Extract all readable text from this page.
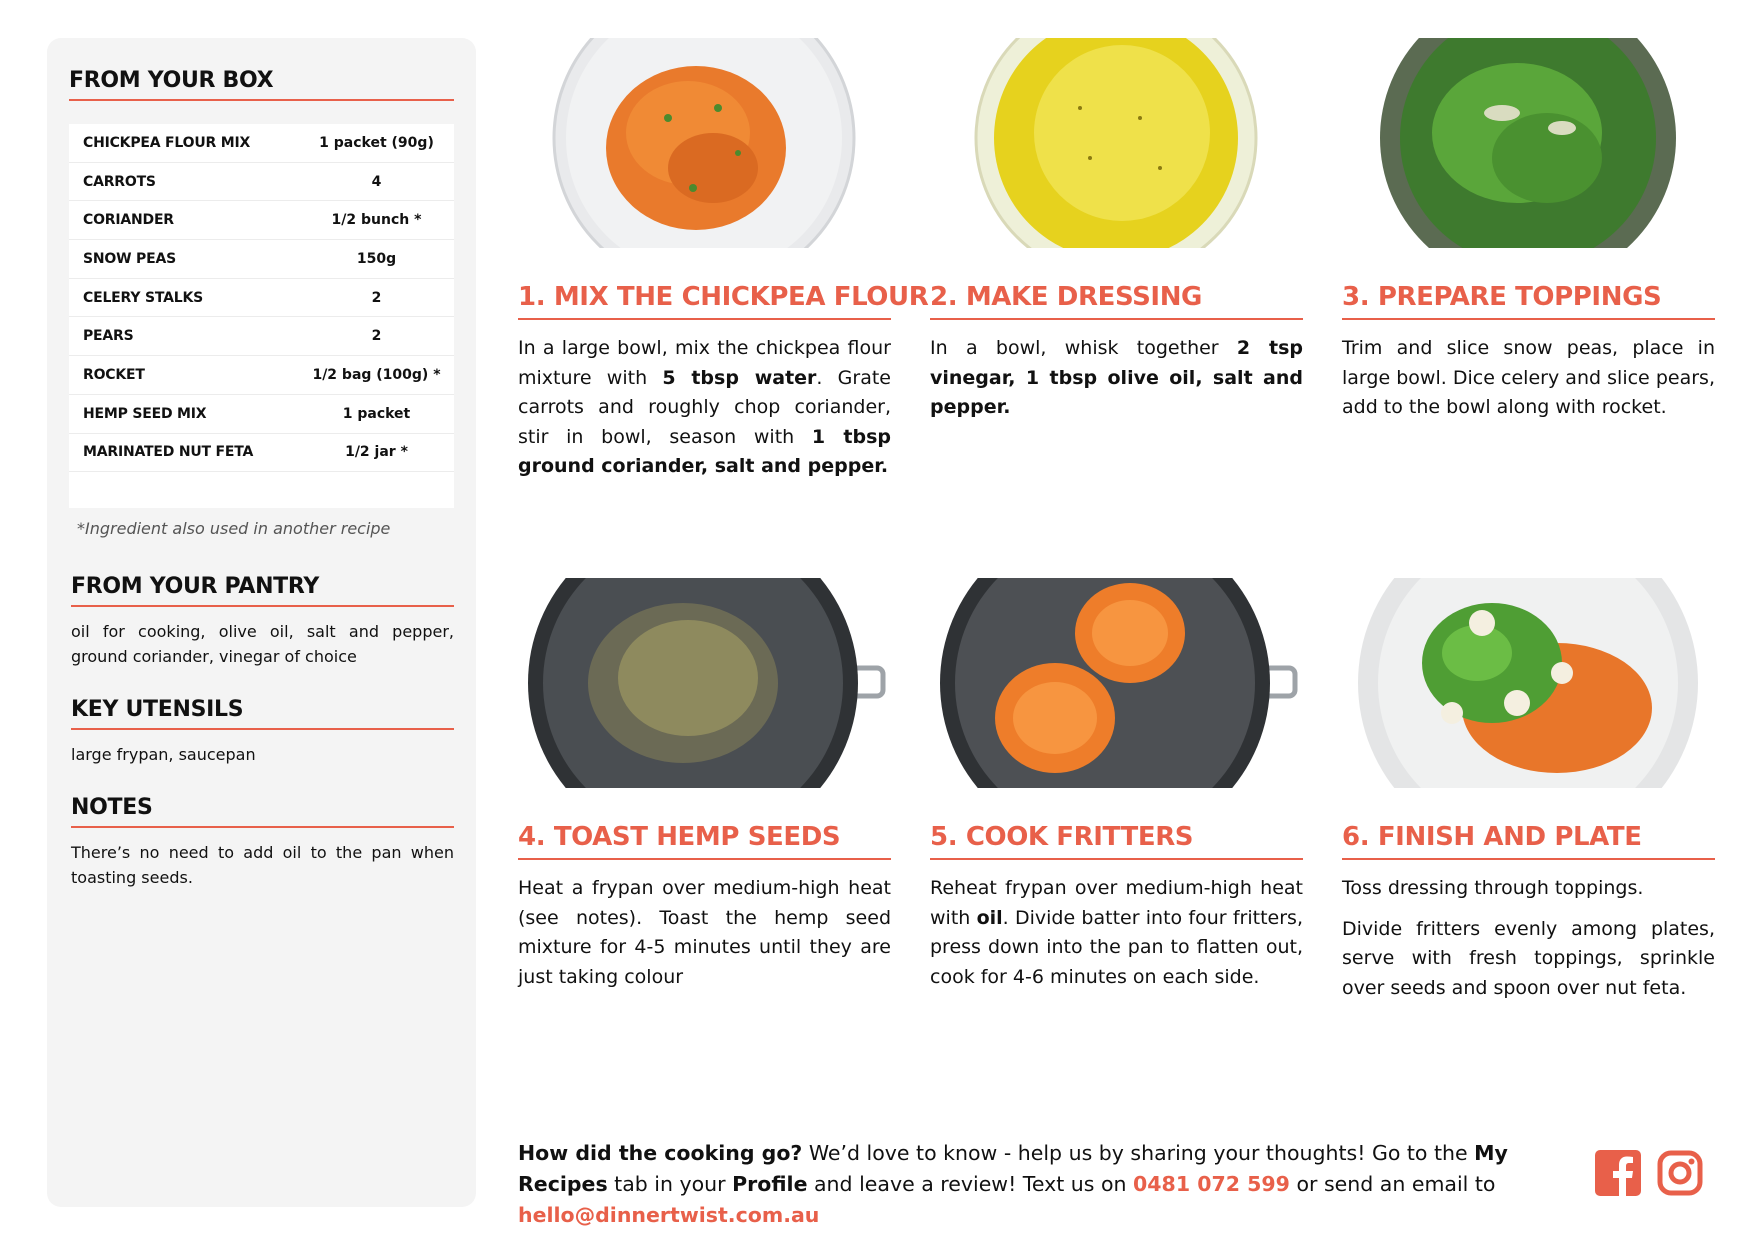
FROM YOUR BOX
CHICKPEA FLOUR MIX	1 packet (90g)
CARROTS	4
CORIANDER	1/2 bunch *
SNOW PEAS	150g
CELERY STALKS	2
PEARS	2
ROCKET	1/2 bag (100g) *
HEMP SEED MIX	1 packet
MARINATED NUT FETA	1/2 jar *
*Ingredient also used in another recipe
FROM YOUR PANTRY
oil for cooking, olive oil, salt and pepper, ground coriander, vinegar of choice
KEY UTENSILS
large frypan, saucepan
NOTES
There’s no need to add oil to the pan when toasting seeds.
1. MIX THE CHICKPEA FLOUR

In a large bowl, mix the chickpea flour mixture with 5 tbsp water. Grate carrots and roughly chop coriander, stir in bowl, season with 1 tbsp ground coriander, salt and pepper.

2. MAKE DRESSING

In a bowl, whisk together 2 tsp vinegar, 1 tbsp olive oil, salt and pepper.

3. PREPARE TOPPINGS

Trim and slice snow peas, place in large bowl. Dice celery and slice pears, add to the bowl along with rocket.

4. TOAST HEMP SEEDS

Heat a frypan over medium-high heat (see notes). Toast the hemp seed mixture for 4-5 minutes until they are just taking colour

5. COOK FRITTERS

Reheat frypan over medium-high heat with oil. Divide batter into four fritters, press down into the pan to flatten out, cook for 4-6 minutes on each side.

6. FINISH AND PLATE

Toss dressing through toppings.

Divide fritters evenly among plates, serve with fresh toppings, sprinkle over seeds and spoon over nut feta.

How did the cooking go? We’d love to know - help us by sharing your thoughts! Go to the My Recipes tab in your Profile and leave a review! Text us on 0481 072 599 or send an email to hello@dinnertwist.com.au
